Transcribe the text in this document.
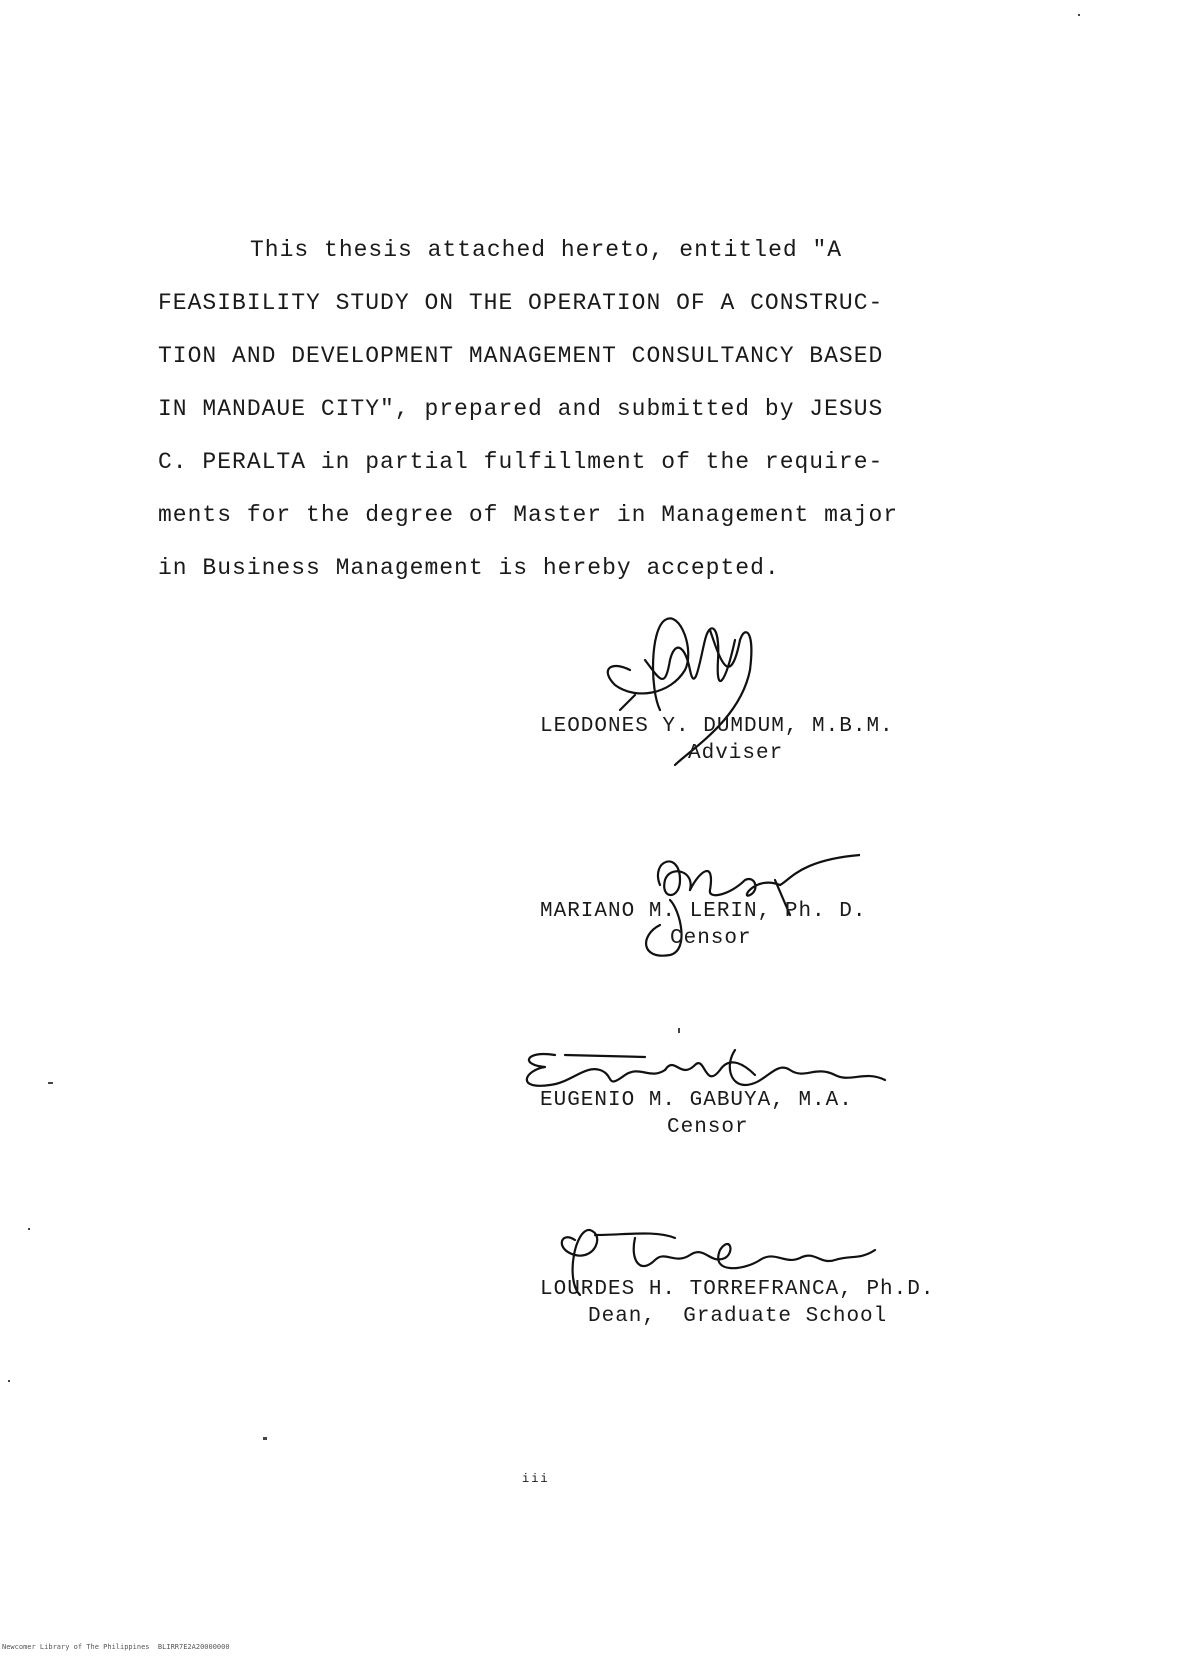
This thesis attached hereto, entitled "A
FEASIBILITY STUDY ON THE OPERATION OF A CONSTRUC-
TION AND DEVELOPMENT MANAGEMENT CONSULTANCY BASED
IN MANDAUE CITY", prepared and submitted by JESUS
C. PERALTA in partial fulfillment of the require-
ments for the degree of Master in Management major
in Business Management is hereby accepted.

LEODONES Y. DUMDUM, M.B.M.
Adviser
MARIANO M. LERIN, Ph. D.
Censor
EUGENIO M. GABUYA, M.A.
Censor
LOURDES H. TORREFRANCA, Ph.D.
Dean,  Graduate School
iii
Newcomer Library of The Philippines  BLIRR7E2A20000000
